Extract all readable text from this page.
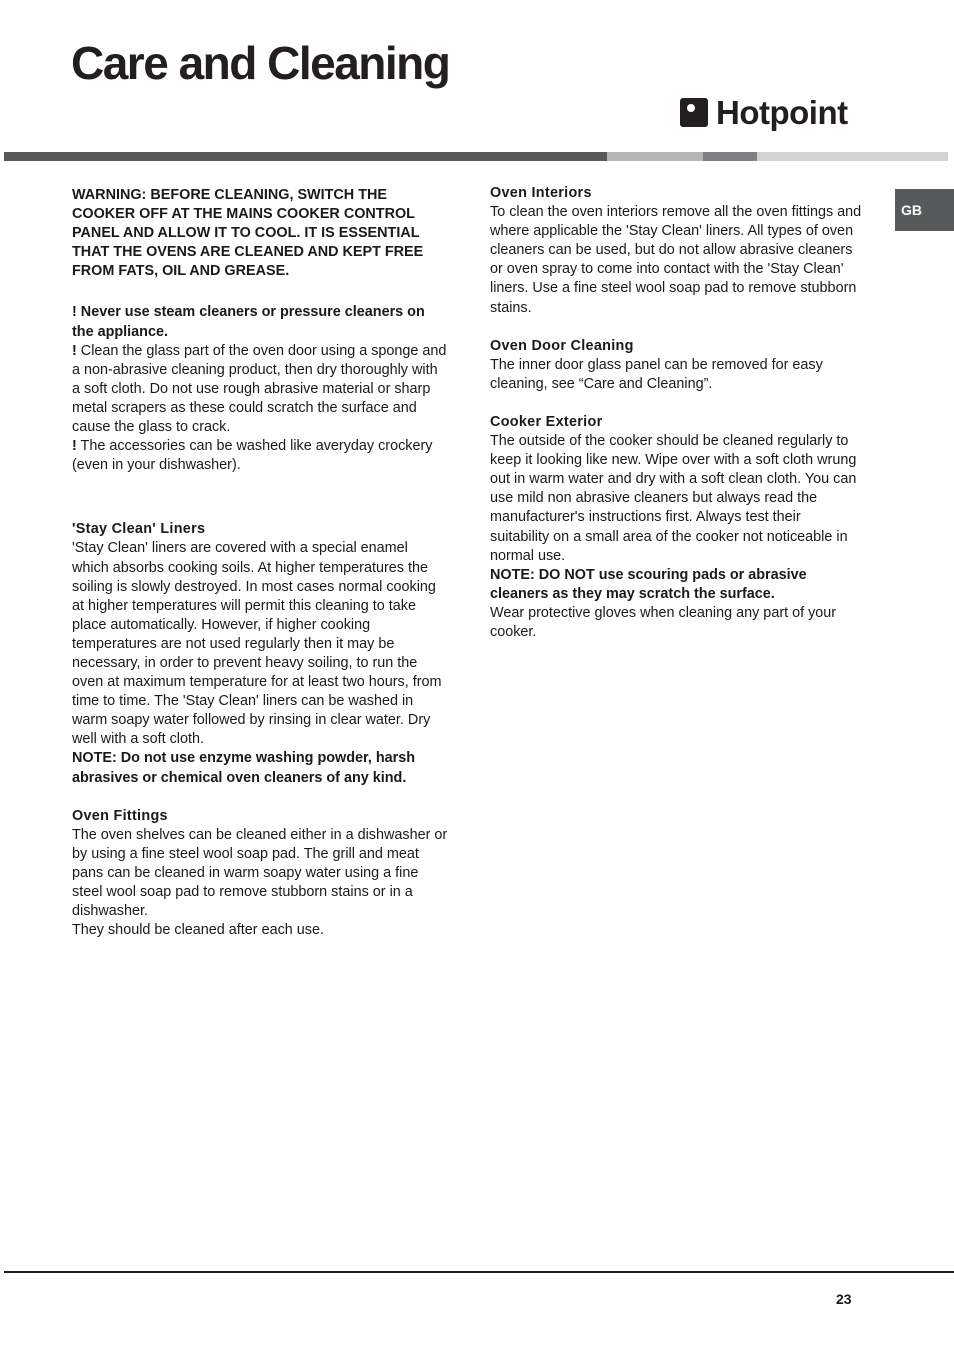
Care and Cleaning
Hotpoint
GB

WARNING: BEFORE CLEANING, SWITCH THE COOKER OFF AT THE MAINS COOKER CONTROL PANEL AND ALLOW IT TO COOL. IT IS ESSENTIAL THAT THE OVENS ARE CLEANED AND KEPT FREE FROM FATS, OIL AND GREASE.

! Never use steam cleaners or pressure cleaners on the appliance.

! Clean the glass part of the oven door using a sponge and a non-abrasive cleaning product, then dry thoroughly with a soft cloth. Do not use rough abrasive material or sharp metal scrapers as these could scratch the surface and cause the glass to crack.

! The accessories can be washed like averyday crockery (even in your dishwasher).

'Stay Clean' Liners

'Stay Clean' liners are covered with a special enamel which absorbs cooking soils. At higher temperatures the soiling is slowly destroyed. In most cases normal cooking at higher temperatures will permit this cleaning to take place automatically. However, if higher cooking temperatures are not used regularly then it may be necessary, in order to prevent heavy soiling, to run the oven at maximum temperature for at least two hours, from time to time. The 'Stay Clean' liners can be washed in warm soapy water followed by rinsing in clear water. Dry well with a soft cloth.

NOTE: Do not use enzyme washing powder, harsh abrasives or chemical oven cleaners of any kind.

Oven Fittings

The oven shelves can be cleaned either in a dishwasher or by using a fine steel wool soap pad. The grill and meat pans can be cleaned in warm soapy water using a fine steel wool soap pad to remove stubborn stains or in a dishwasher.

They should be cleaned after each use.

Oven Interiors

To clean the oven interiors remove all the oven fittings and where applicable the 'Stay Clean' liners. All types of oven cleaners can be used, but do not allow abrasive cleaners or oven spray to come into contact with the 'Stay Clean' liners. Use a fine steel wool soap pad to remove stubborn stains.

Oven Door Cleaning

The inner door glass panel can be removed for easy cleaning, see “Care and Cleaning”.

Cooker Exterior

The outside of the cooker should be cleaned regularly to keep it looking like new. Wipe over with a soft cloth wrung out in warm water and dry with a soft clean cloth. You can use mild non abrasive cleaners but always read the manufacturer's instructions first. Always test their suitability on a small area of the cooker not noticeable in normal use.

NOTE: DO NOT use scouring pads or abrasive cleaners as they may scratch the surface.

Wear protective gloves when cleaning any part of your cooker.

23
